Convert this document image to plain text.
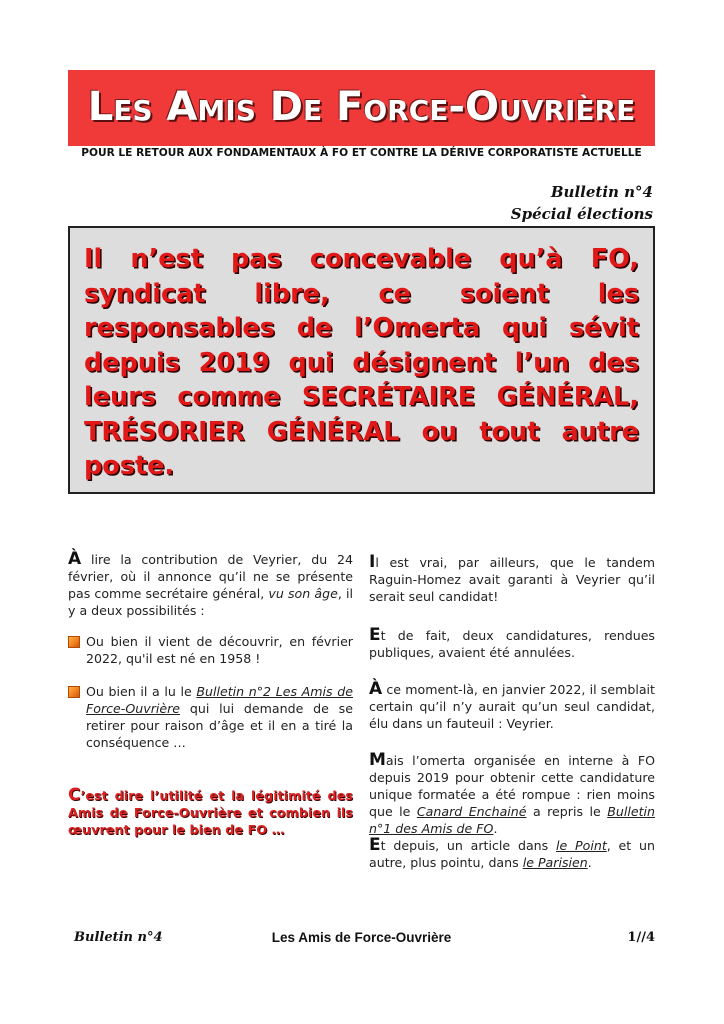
Les Amis De Force-Ouvrière
POUR LE RETOUR AUX FONDAMENTAUX À FO ET CONTRE LA DÉRIVE CORPORATISTE ACTUELLE
Bulletin n°4
Spécial élections
Il n’est pas concevable qu’à FO, syndicat libre, ce soient les responsables de l’Omerta qui sévit depuis 2019 qui désignent l’un des leurs comme SECRÉTAIRE GÉNÉRAL, TRÉSORIER GÉNÉRAL ou tout autre poste.

À lire la contribution de Veyrier, du 24 février, où il annonce qu’il ne se présente pas comme secrétaire général, vu son âge, il y a deux possibilités :

Ou bien il vient de découvrir, en février 2022, qu'il est né en 1958 !
Ou bien il a lu le Bulletin n°2 Les Amis de Force-Ouvrière qui lui demande de se retirer pour raison d’âge et il en a tiré la conséquence …

C’est dire l’utilité et la légitimité des Amis de Force-Ouvrière et combien ils œuvrent pour le bien de FO …

Il est vrai, par ailleurs, que le tandem Raguin-Homez avait garanti à Veyrier qu’il serait seul candidat!

Et de fait, deux candidatures, rendues publiques, avaient été annulées.

À ce moment-là, en janvier 2022, il semblait certain qu’il n’y aurait qu’un seul candidat, élu dans un fauteuil : Veyrier.

Mais l’omerta organisée en interne à FO depuis 2019 pour obtenir cette candidature unique formatée a été rompue : rien moins que le Canard Enchainé a repris le Bulletin n°1 des Amis de FO.

Et depuis, un article dans le Point, et un autre, plus pointu, dans le Parisien.

Bulletin n°4	Les Amis de Force-Ouvrière	1//4
